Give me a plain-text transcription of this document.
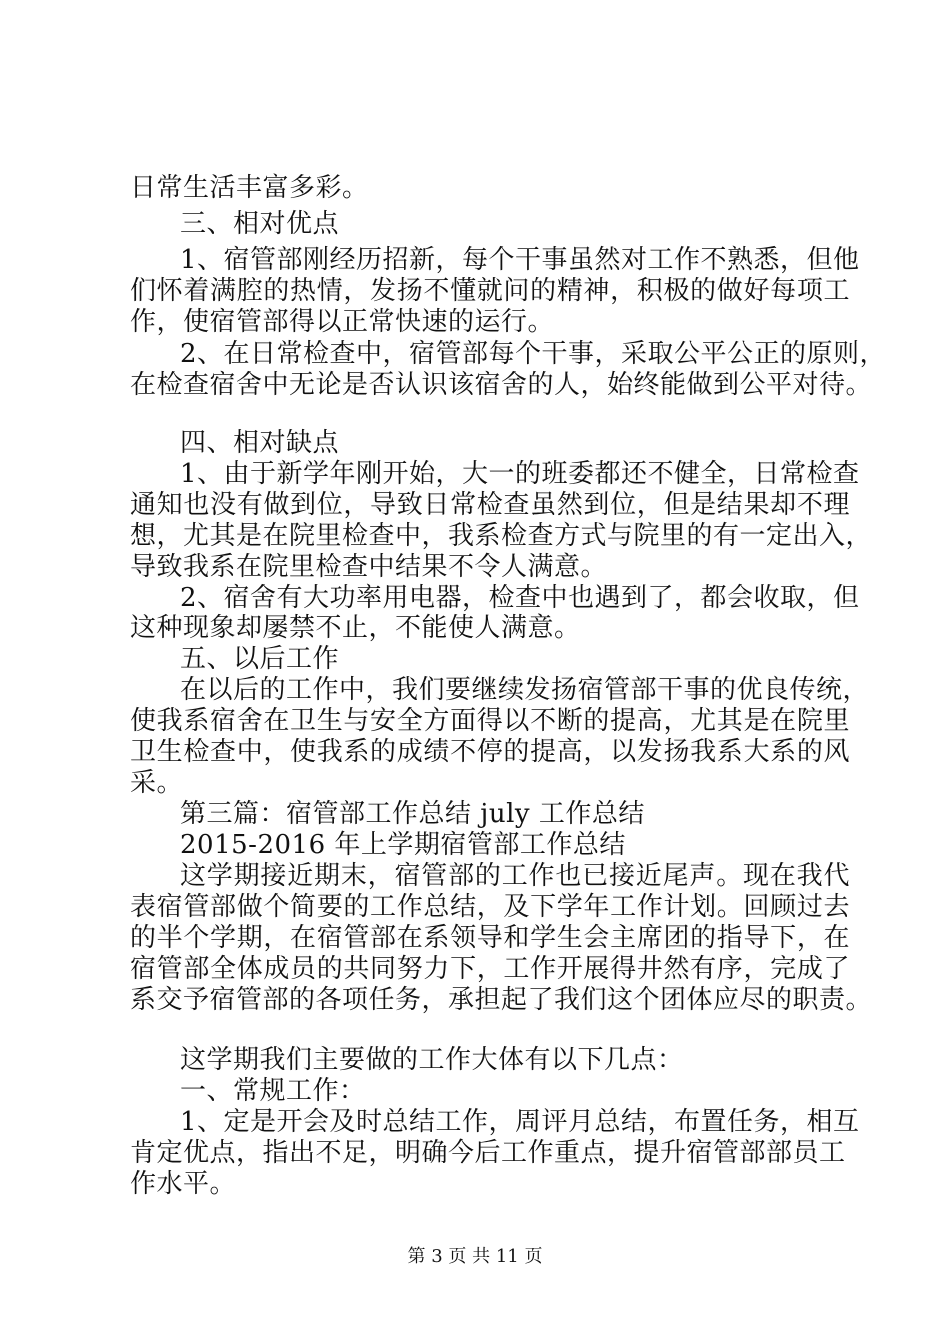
日常生活丰富多彩。
三、相对优点
1、宿管部刚经历招新，每个干事虽然对工作不熟悉，但他
们怀着满腔的热情，发扬不懂就问的精神，积极的做好每项工
作，使宿管部得以正常快速的运行。
2、在日常检查中，宿管部每个干事，采取公平公正的原则，
在检查宿舍中无论是否认识该宿舍的人，始终能做到公平对待。
四、相对缺点
1、由于新学年刚开始，大一的班委都还不健全，日常检查
通知也没有做到位，导致日常检查虽然到位，但是结果却不理
想，尤其是在院里检查中，我系检查方式与院里的有一定出入，
导致我系在院里检查中结果不令人满意。
2、宿舍有大功率用电器，检查中也遇到了，都会收取，但
这种现象却屡禁不止，不能使人满意。
五、以后工作
在以后的工作中，我们要继续发扬宿管部干事的优良传统，
使我系宿舍在卫生与安全方面得以不断的提高，尤其是在院里
卫生检查中，使我系的成绩不停的提高，以发扬我系大系的风
采。
第三篇：宿管部工作总结 july 工作总结
2015-2016 年上学期宿管部工作总结
这学期接近期末，宿管部的工作也已接近尾声。现在我代
表宿管部做个简要的工作总结，及下学年工作计划。回顾过去
的半个学期，在宿管部在系领导和学生会主席团的指导下，在
宿管部全体成员的共同努力下，工作开展得井然有序，完成了
系交予宿管部的各项任务，承担起了我们这个团体应尽的职责。
这学期我们主要做的工作大体有以下几点：
一、常规工作：
1、定是开会及时总结工作，周评月总结，布置任务，相互
肯定优点，指出不足，明确今后工作重点，提升宿管部部员工
作水平。
第 3 页 共 11 页
